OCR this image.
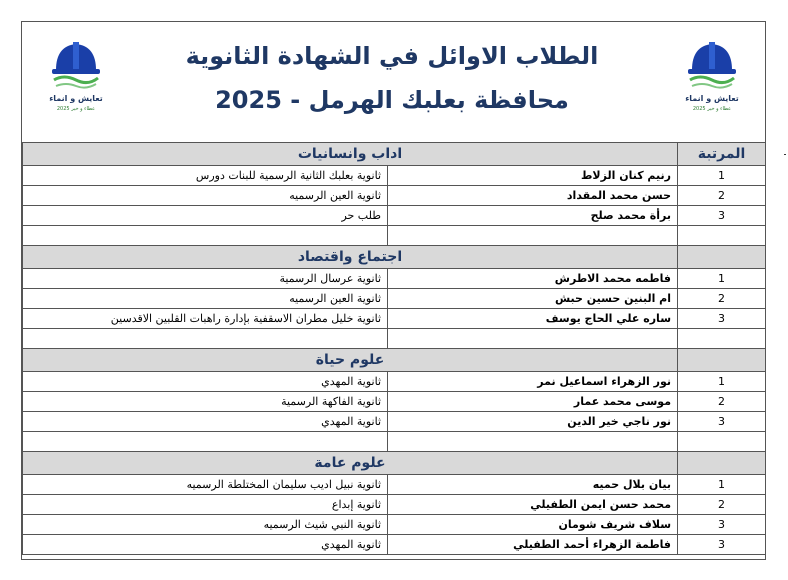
تعايش و انماء
عطاء و خير 2025
الطلاب الاوائل في الشهادة الثانوية
محافظة بعلبك الهرمل - 2025	تعايش و انماء
عطاء و خير 2025
المرتبة	اداب وانسانيات	
1	رنيم كنان الزلاط	ثانوية بعلبك الثانية الرسمية للبنات دورس
2	حسن محمد المقداد	ثانوية العين الرسميه
3	برأة محمد صلح	طلب حر

	اجتماع واقتصاد	
1	فاطمه محمد الاطرش	ثانوية عرسال الرسمية
2	ام البنين حسين حبش	ثانوية العين الرسميه
3	ساره علي الحاج يوسف	ثانوية خليل مطران الاسقفية بإدارة راهبات القلبين الاقدسين

	علوم حياة	
1	نور الزهراء اسماعيل نمر	ثانوية المهدي
2	موسى محمد عمار	ثانوية الفاكهة الرسمية
3	نور ناجي خير الدين	ثانوية المهدي

	علوم عامة	
1	بيان بلال حميه	ثانوية نبيل اديب سليمان المختلطة الرسميه
2	محمد حسن ايمن الطفيلي	ثانوية إبداع
3	سلاف شريف شومان	ثانوية النبي شيث الرسميه
3	فاطمة الزهراء أحمد الطفيلي	ثانوية المهدي
